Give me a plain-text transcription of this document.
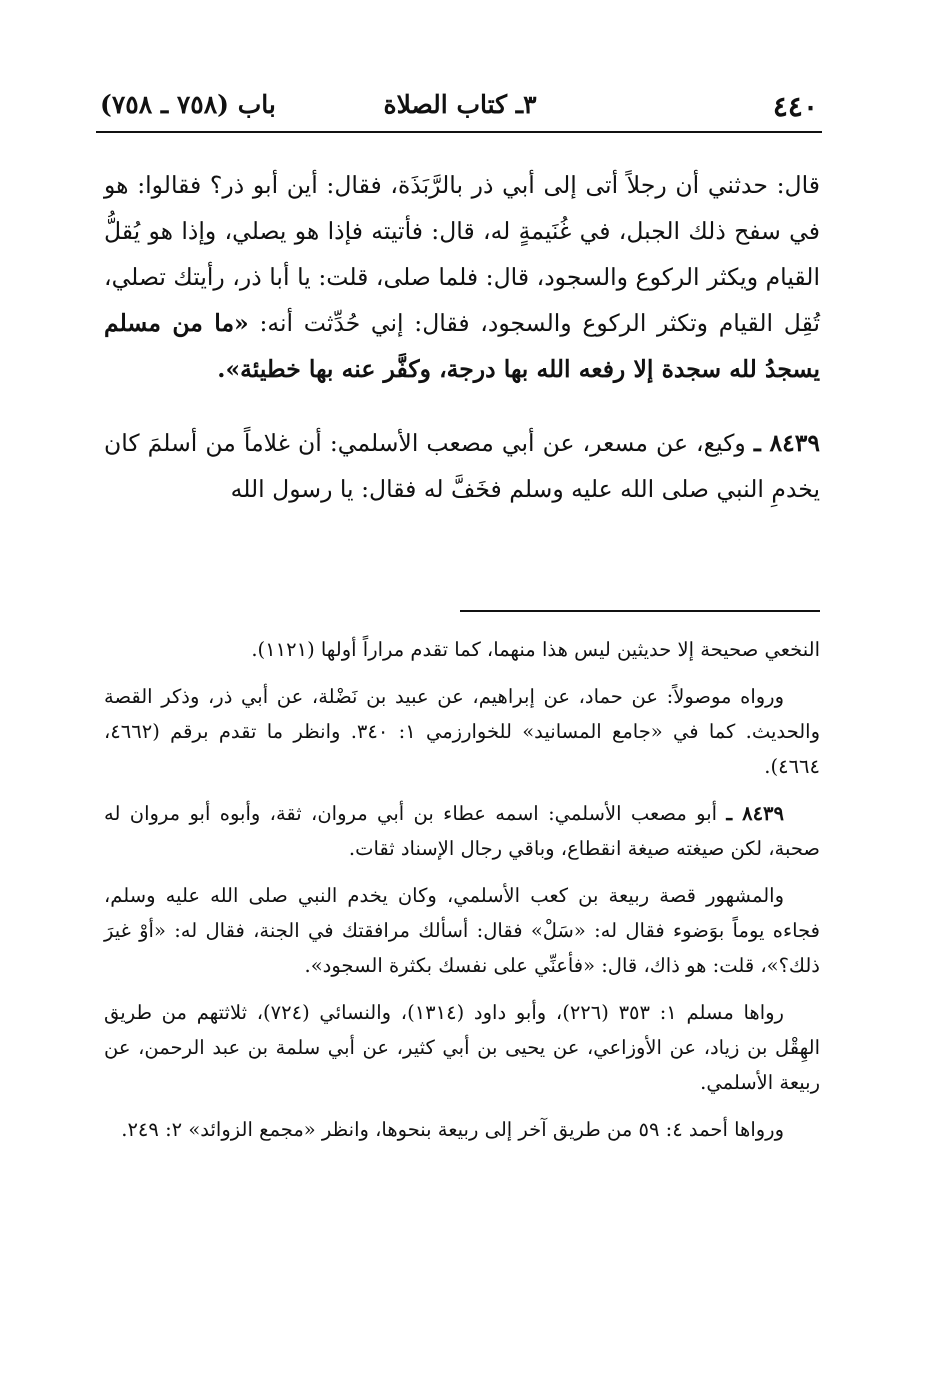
٤٤٠
٣ـ كتاب الصلاة
باب (٧٥٨ ـ ٧٥٨)

قال: حدثني أن رجلاً أتى إلى أبي ذر بالرَّبَذَة، فقال: أين أبو ذر؟ فقالوا: هو في سفح ذلك الجبل، في غُنَيمةٍ له، قال: فأتيته فإذا هو يصلي، وإذا هو يُقلُّ القيام ويكثر الركوع والسجود، قال: فلما صلى، قلت: يا أبا ذر، رأيتك تصلي، تُقِل القيام وتكثر الركوع والسجود، فقال: إني حُدِّثت أنه: «ما من مسلم يسجدُ لله سجدة إلا رفعه الله بها درجة، وكفَّر عنه بها خطيئة».

٨٤٣٩ ـ وكيع، عن مسعر، عن أبي مصعب الأسلمي: أن غلاماً من أسلمَ كان يخدمِ النبي صلى الله عليه وسلم فخَفَّ له فقال: يا رسول الله

النخعي صحيحة إلا حديثين ليس هذا منهما، كما تقدم مراراً أولها (١١٢١).

ورواه موصولاً: عن حماد، عن إبراهيم، عن عبيد بن نَضْلة، عن أبي ذر، وذكر القصة والحديث. كما في «جامع المسانيد» للخوارزمي ١: ٣٤٠. وانظر ما تقدم برقم (٤٦٦٢، ٤٦٦٤).

٨٤٣٩ ـ أبو مصعب الأسلمي: اسمه عطاء بن أبي مروان، ثقة، وأبوه أبو مروان له صحبة، لكن صيغته صيغة انقطاع، وباقي رجال الإسناد ثقات.

والمشهور قصة ربيعة بن كعب الأسلمي، وكان يخدم النبي صلى الله عليه وسلم، فجاءه يوماً بوَضوء فقال له: «سَلْ» فقال: أسألك مرافقتك في الجنة، فقال له: «أوْ غيرَ ذلك؟»، قلت: هو ذاك، قال: «فأعنِّي على نفسك بكثرة السجود».

رواها مسلم ١: ٣٥٣ (٢٢٦)، وأبو داود (١٣١٤)، والنسائي (٧٢٤)، ثلاثتهم من طريق الهِقْل بن زياد، عن الأوزاعي، عن يحيى بن أبي كثير، عن أبي سلمة بن عبد الرحمن، عن ربيعة الأسلمي.

ورواها أحمد ٤: ٥٩ من طريق آخر إلى ربيعة بنحوها، وانظر «مجمع الزوائد» ٢: ٢٤٩.
